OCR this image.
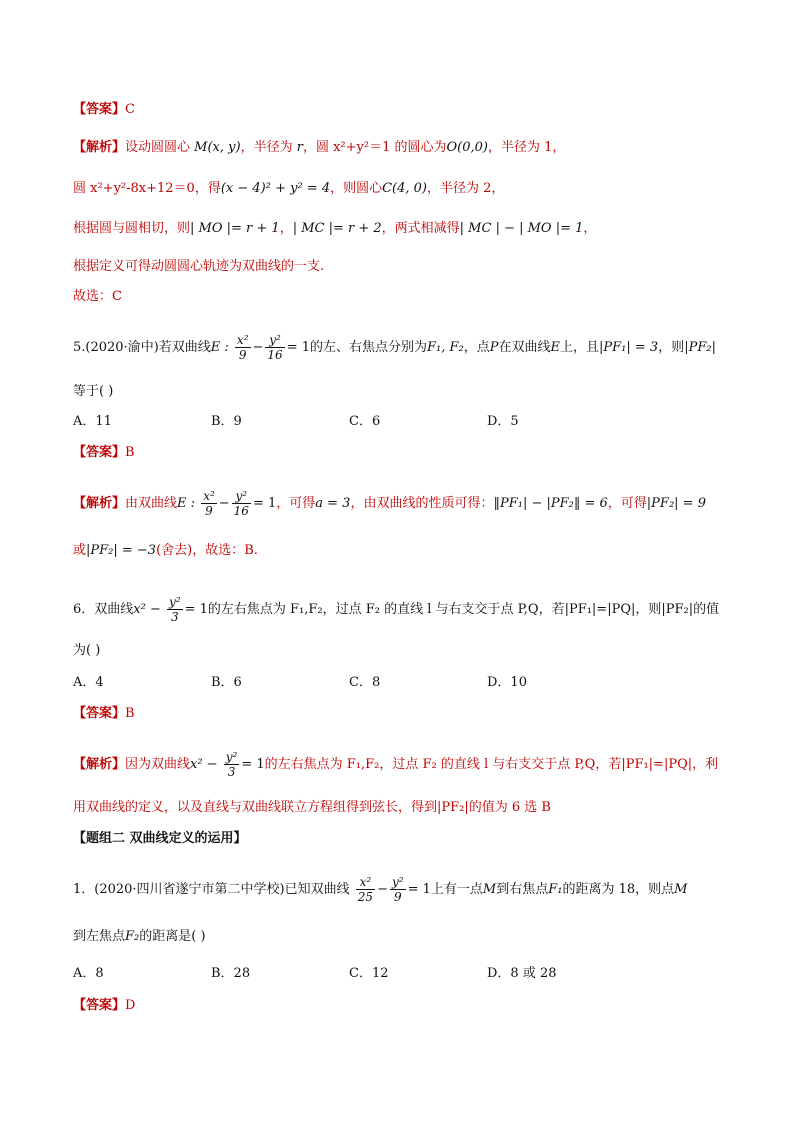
【答案】C
【解析】设动圆圆心 M(x, y)，半径为 r，圆 x²+y²＝1 的圆心为O(0,0)，半径为 1，
圆 x²+y²-8x+12＝0，得(x − 4)² + y² = 4，则圆心C(4, 0)，半径为 2，
根据圆与圆相切，则| MO |= r + 1，| MC |= r + 2，两式相减得| MC | − | MO |= 1，
根据定义可得动圆圆心轨迹为双曲线的一支.
故选：C
5.(2020·渝中)若双曲线E : $\frac{\text{x²}}{9} - \frac{\text{y²}}{16} = 1$的左、右焦点分别为F₁, F₂，点P在双曲线E上，且|PF₁| = 3，则|PF₂|
等于( )
A．11	B．9	C．6	D．5
【答案】B
【解析】由双曲线E : $\frac{\text{x²}}{9} - \frac{\text{y²}}{16} = 1$，可得a = 3，由双曲线的性质可得：‖PF₁| − |PF₂‖ = 6，可得|PF₂| = 9
或|PF₂| = −3(舍去)，故选：B.
6．双曲线$x^2 - \frac{\text{y²}}{3} = 1$的左右焦点为 F₁,F₂，过点 F₂ 的直线 l 与右支交于点 P,Q，若|PF₁|=|PQ|，则|PF₂|的值
为( )
A．4	B．6	C．8	D．10
【答案】B
【解析】因为双曲线$x^2 - \frac{\text{y²}}{3} = 1$的左右焦点为 F₁,F₂，过点 F₂ 的直线 l 与右支交于点 P,Q，若|PF₁|=|PQ|，利
用双曲线的定义，以及直线与双曲线联立方程组得到弦长，得到|PF₂|的值为 6 选 B
【题组二 双曲线定义的运用】
1．(2020·四川省遂宁市第二中学校)已知双曲线 $\frac{\text{x²}}{25} - \frac{\text{y²}}{9} = 1$上有一点M到右焦点F₁的距离为 18，则点M
到左焦点F₂的距离是( )
A．8	B．28	C．12	D．8 或 28
【答案】D
